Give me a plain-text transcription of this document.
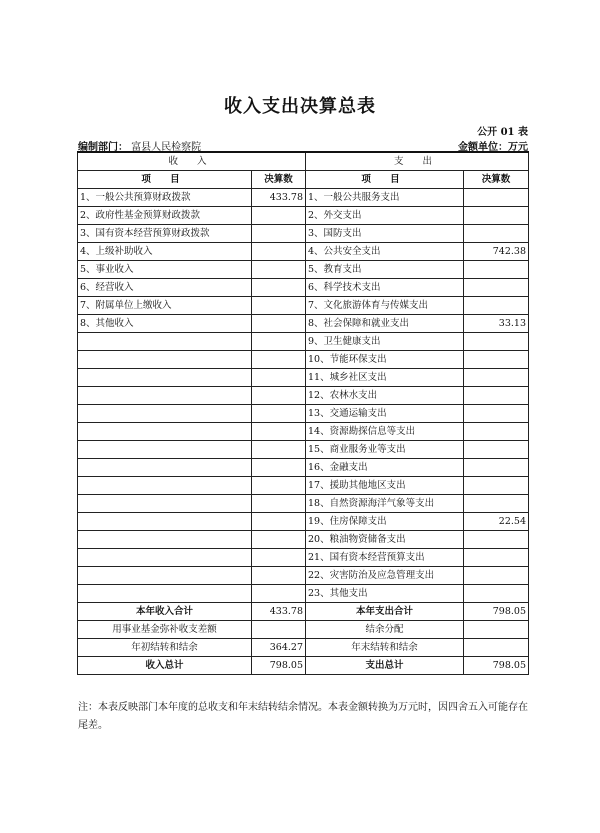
收入支出决算总表
公开 01 表
编制部门： 富县人民检察院	金额单位：万元
收 入		支 出	
项 目	决算数	项 目	决算数
1、一般公共预算财政拨款	433.78	1、一般公共服务支出	
2、政府性基金预算财政拨款		2、外交支出	
3、国有资本经营预算财政拨款		3、国防支出	
4、上级补助收入		4、公共安全支出	742.38
5、事业收入		5、教育支出	
6、经营收入		6、科学技术支出	
7、附属单位上缴收入		7、文化旅游体育与传媒支出	
8、其他收入		8、社会保障和就业支出	33.13
		9、卫生健康支出	
		10、节能环保支出	
		11、城乡社区支出	
		12、农林水支出	
		13、交通运输支出	
		14、资源勘探信息等支出	
		15、商业服务业等支出	
		16、金融支出	
		17、援助其他地区支出	
		18、自然资源海洋气象等支出	
		19、住房保障支出	22.54
		20、粮油物资储备支出	
		21、国有资本经营预算支出	
		22、灾害防治及应急管理支出	
		23、其他支出	
本年收入合计	433.78	本年支出合计	798.05
用事业基金弥补收支差额		结余分配	
年初结转和结余	364.27	年末结转和结余	
收入总计	798.05	支出总计	798.05
注：本表反映部门本年度的总收支和年末结转结余情况。本表金额转换为万元时，因四舍五入可能存在尾差。
